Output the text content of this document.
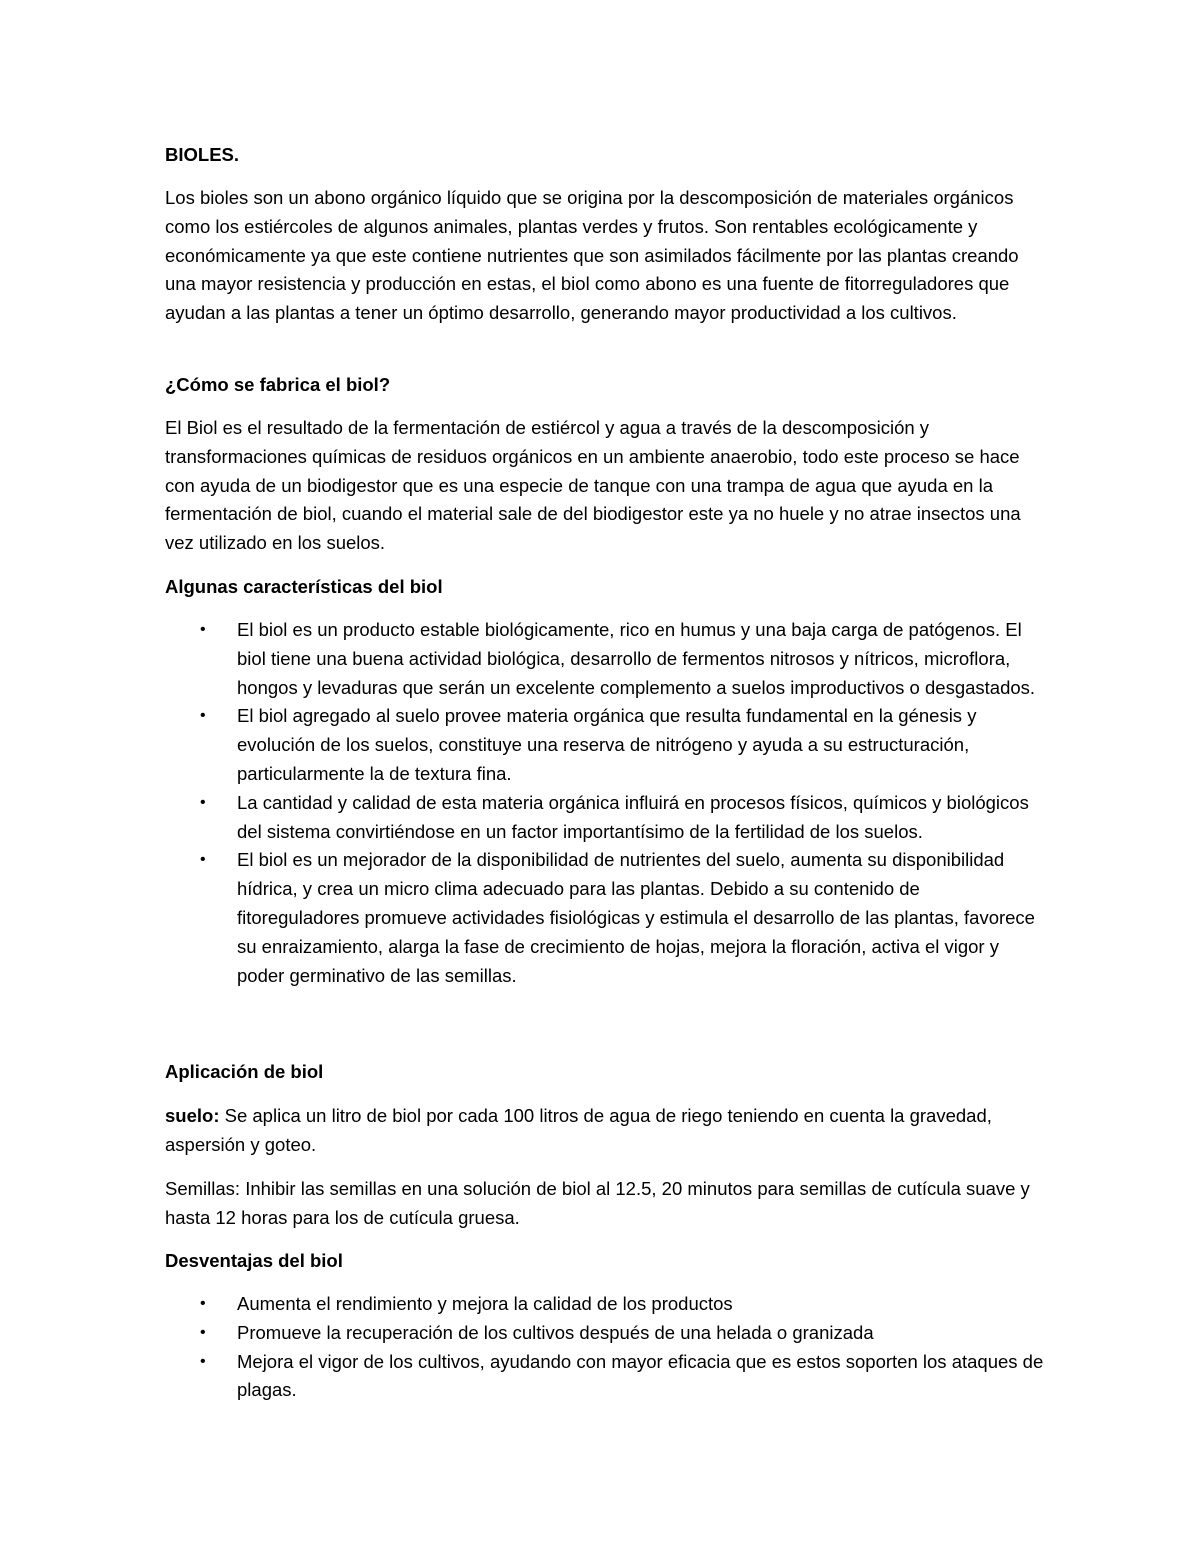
BIOLES.

Los bioles son un abono orgánico líquido que se origina por la descomposición de materiales orgánicos como los estiércoles de algunos animales, plantas verdes y frutos. Son rentables ecológicamente y económicamente ya que este contiene nutrientes que son asimilados fácilmente por las plantas creando una mayor resistencia y producción en estas, el biol como abono es una fuente de fitorreguladores que ayudan a las plantas a tener un óptimo desarrollo, generando mayor productividad a los cultivos.

¿Cómo se fabrica el biol?

El Biol es el resultado de la fermentación de estiércol y agua a través de la descomposición y transformaciones químicas de residuos orgánicos en un ambiente anaerobio, todo este proceso se hace con ayuda de un biodigestor que es una especie de tanque con una trampa de agua que ayuda en la fermentación de biol, cuando el material sale de del biodigestor este ya no huele y no atrae insectos una vez utilizado en los suelos.

Algunas características del biol

• El biol es un producto estable biológicamente, rico en humus y una baja carga de patógenos. El biol tiene una buena actividad biológica, desarrollo de fermentos nitrosos y nítricos, microflora, hongos y levaduras que serán un excelente complemento a suelos improductivos o desgastados.
• El biol agregado al suelo provee materia orgánica que resulta fundamental en la génesis y evolución de los suelos, constituye una reserva de nitrógeno y ayuda a su estructuración, particularmente la de textura fina.
• La cantidad y calidad de esta materia orgánica influirá en procesos físicos, químicos y biológicos del sistema convirtiéndose en un factor importantísimo de la fertilidad de los suelos.
• El biol es un mejorador de la disponibilidad de nutrientes del suelo, aumenta su disponibilidad hídrica, y crea un micro clima adecuado para las plantas. Debido a su contenido de fitoreguladores promueve actividades fisiológicas y estimula el desarrollo de las plantas, favorece su enraizamiento, alarga la fase de crecimiento de hojas, mejora la floración, activa el vigor y poder germinativo de las semillas.

Aplicación de biol

suelo: Se aplica un litro de biol por cada 100 litros de agua de riego teniendo en cuenta la gravedad, aspersión y goteo.

Semillas: Inhibir las semillas en una solución de biol al 12.5, 20 minutos para semillas de cutícula suave y hasta 12 horas para los de cutícula gruesa.

Desventajas del biol

• Aumenta el rendimiento y mejora la calidad de los productos
• Promueve la recuperación de los cultivos después de una helada o granizada
• Mejora el vigor de los cultivos, ayudando con mayor eficacia que es estos soporten los ataques de plagas.
